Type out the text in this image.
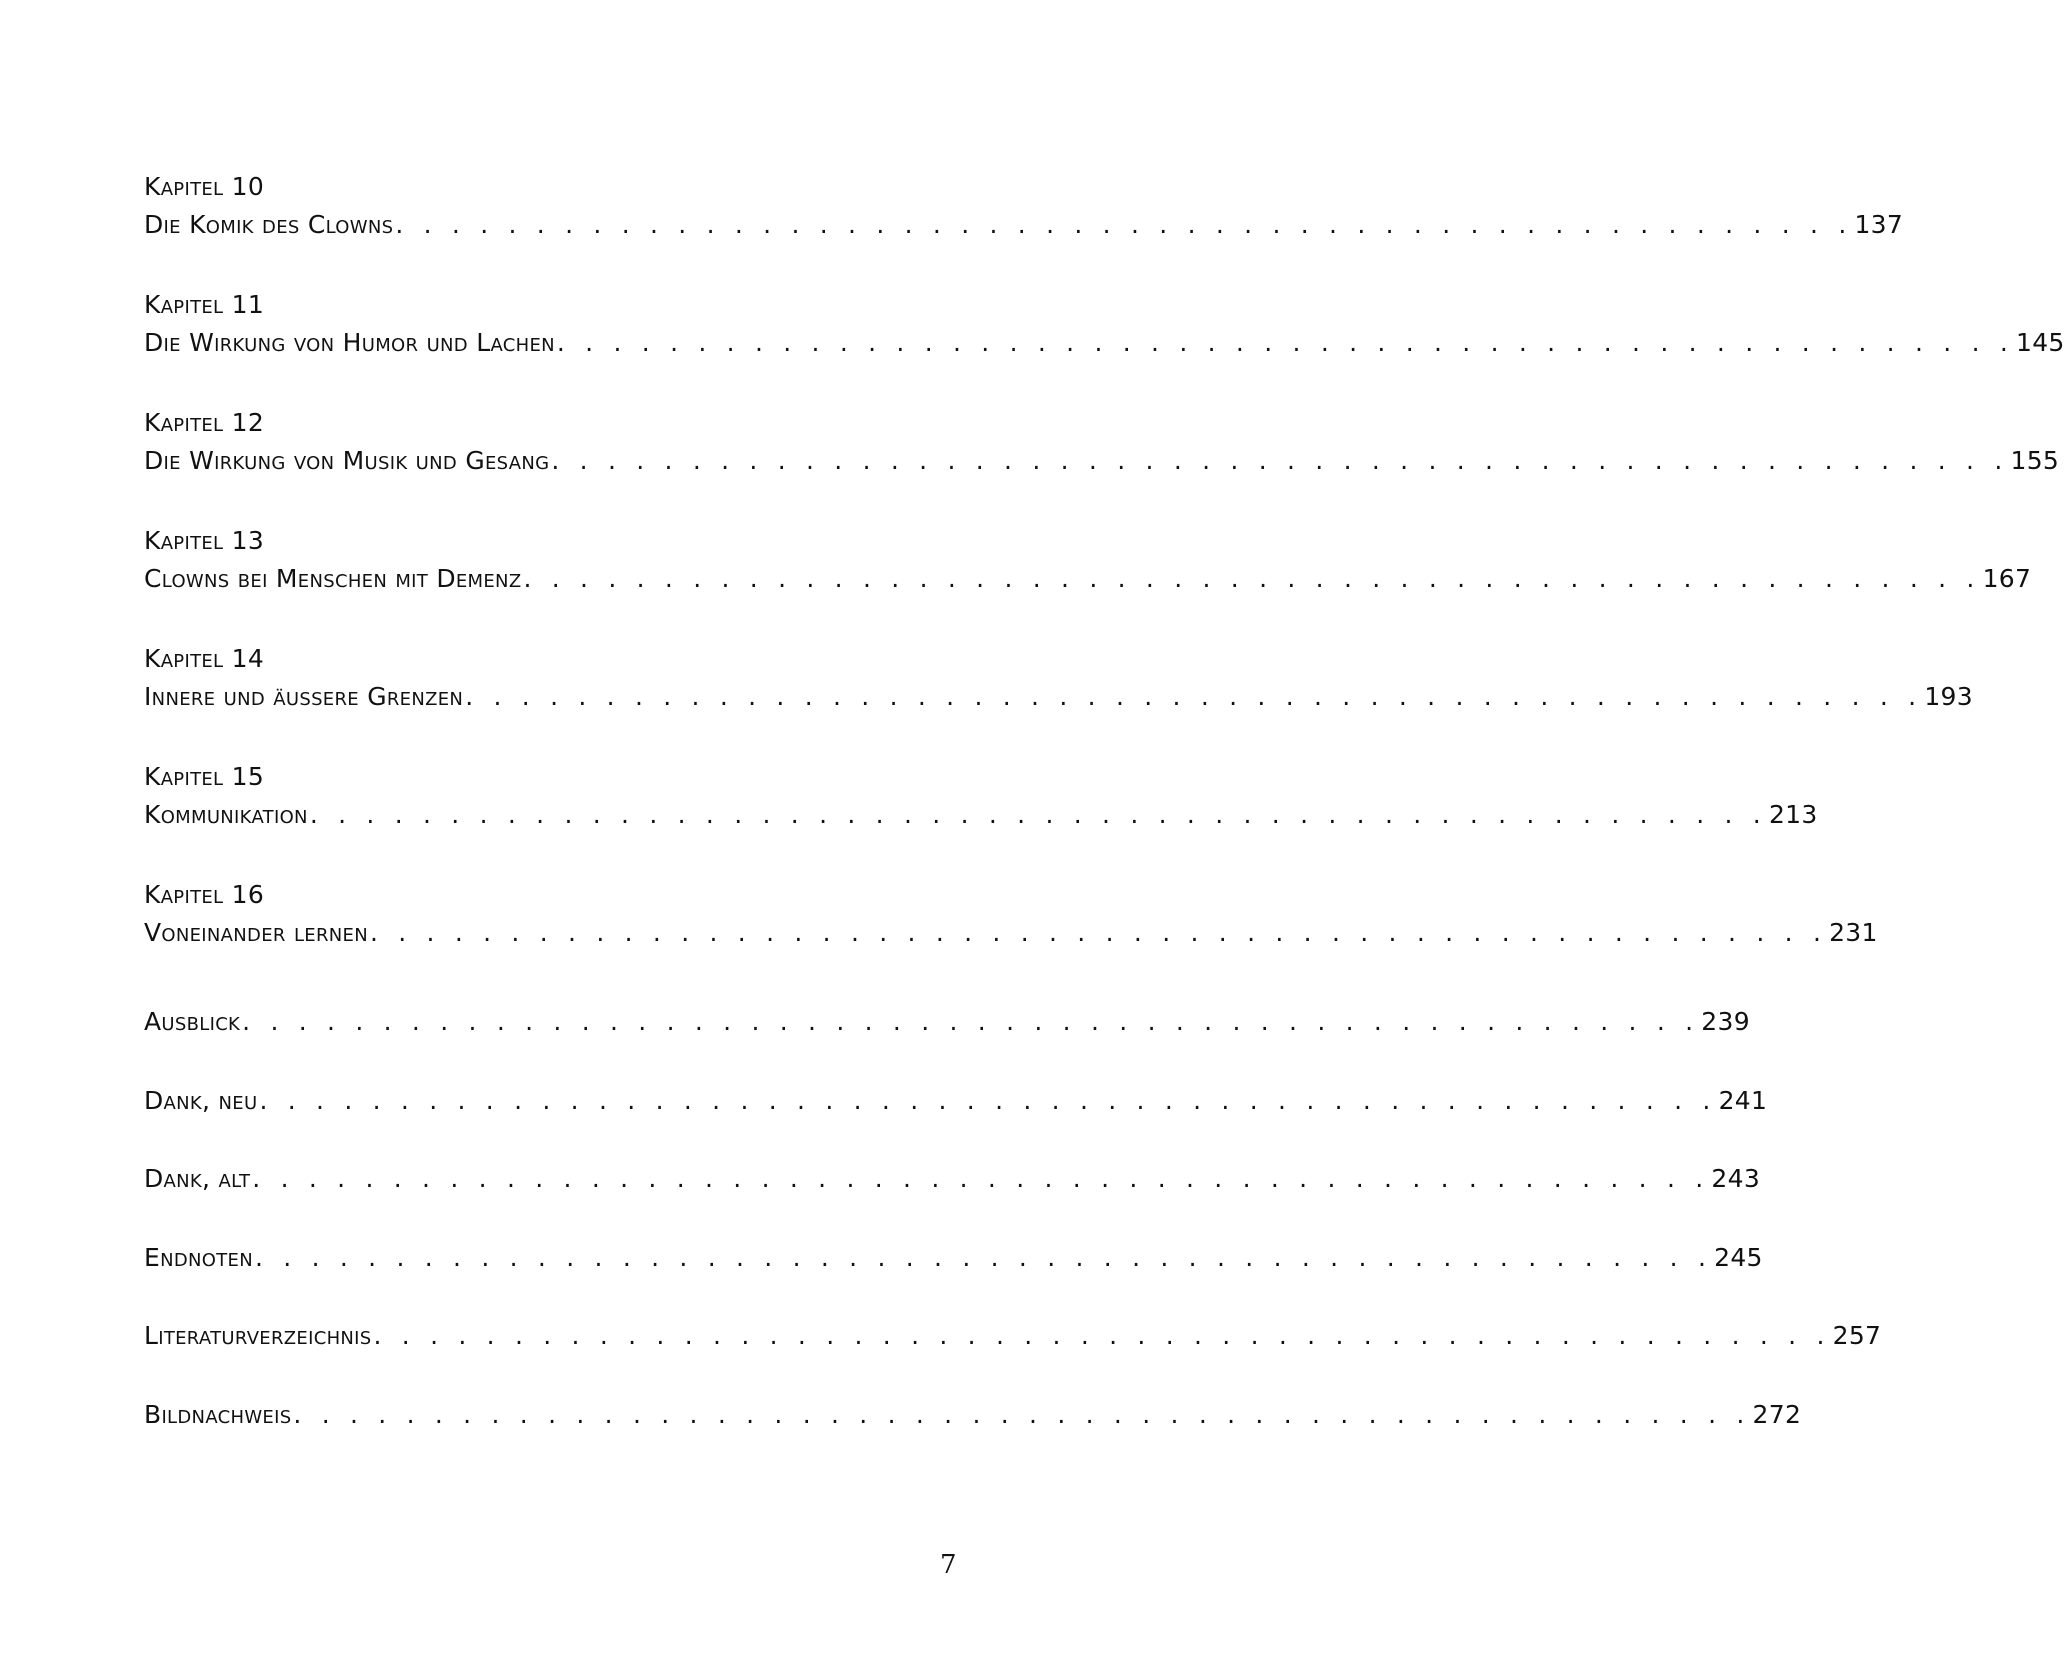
Kapitel 10
Die Komik des Clowns . . . . . . . . . . . . . . . . . . . . . . . . . . . . . . . . . . . . . . . . . . . . . . . . . . . . 137
Kapitel 11
Die Wirkung von Humor und Lachen . . . . . . . . . . . . . . . . . . . . . . . . . . . . . . . . . . . . . . . . . . . . . . . . . . . . 145
Kapitel 12
Die Wirkung von Musik und Gesang . . . . . . . . . . . . . . . . . . . . . . . . . . . . . . . . . . . . . . . . . . . . . . . . . . . . 155
Kapitel 13
Clowns bei Menschen mit Demenz . . . . . . . . . . . . . . . . . . . . . . . . . . . . . . . . . . . . . . . . . . . . . . . . . . . . 167
Kapitel 14
Innere und äussere Grenzen . . . . . . . . . . . . . . . . . . . . . . . . . . . . . . . . . . . . . . . . . . . . . . . . . . . . 193
Kapitel 15
Kommunikation . . . . . . . . . . . . . . . . . . . . . . . . . . . . . . . . . . . . . . . . . . . . . . . . . . . . 213
Kapitel 16
Voneinander lernen . . . . . . . . . . . . . . . . . . . . . . . . . . . . . . . . . . . . . . . . . . . . . . . . . . . . 231
Ausblick . . . . . . . . . . . . . . . . . . . . . . . . . . . . . . . . . . . . . . . . . . . . . . . . . . . . 239
Dank, neu . . . . . . . . . . . . . . . . . . . . . . . . . . . . . . . . . . . . . . . . . . . . . . . . . . . . 241
Dank, alt . . . . . . . . . . . . . . . . . . . . . . . . . . . . . . . . . . . . . . . . . . . . . . . . . . . . 243
Endnoten . . . . . . . . . . . . . . . . . . . . . . . . . . . . . . . . . . . . . . . . . . . . . . . . . . . . 245
Literaturverzeichnis . . . . . . . . . . . . . . . . . . . . . . . . . . . . . . . . . . . . . . . . . . . . . . . . . . . . 257
Bildnachweis . . . . . . . . . . . . . . . . . . . . . . . . . . . . . . . . . . . . . . . . . . . . . . . . . . . . 272
7
